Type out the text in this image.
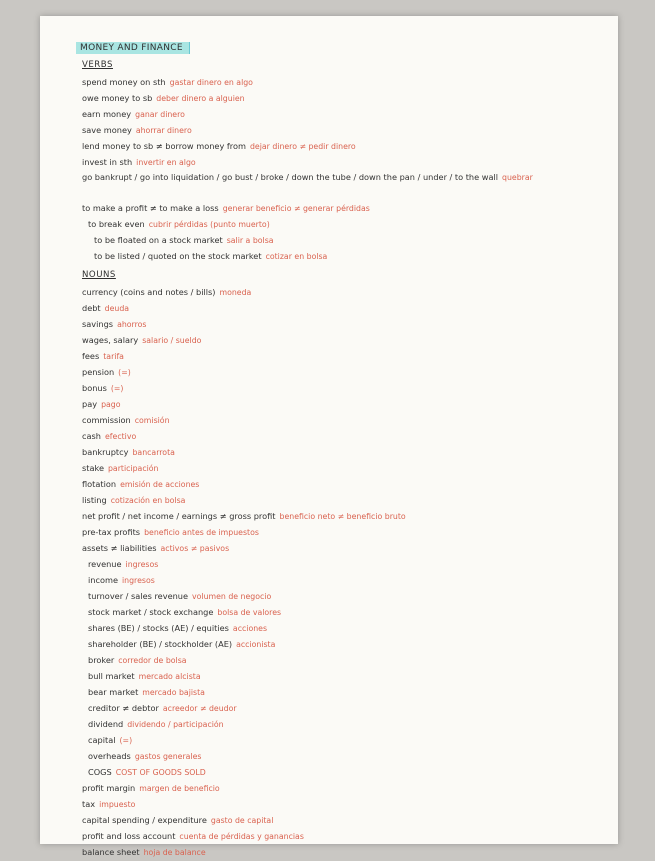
MONEY AND FINANCE
VERBS
spend money on sth gastar dinero en algo
owe money to sb deber dinero a alguien
earn money ganar dinero
save money ahorrar dinero
lend money to sb ≠ borrow money from dejar dinero ≠ pedir dinero
invest in sth invertir en algo
go bankrupt / go into liquidation / go bust / broke / down the tube / down the pan / under / to the wall quebrar
to make a profit ≠ to make a loss generar beneficio ≠ generar pérdidas
to break even cubrir pérdidas (punto muerto)
to be floated on a stock market salir a bolsa
to be listed / quoted on the stock market cotizar en bolsa
NOUNS
currency (coins and notes / bills) moneda
debt deuda
savings ahorros
wages, salary salario / sueldo
fees tarifa
pension (=)
bonus (=)
pay pago
commission comisión
cash efectivo
bankruptcy bancarrota
stake participación
flotation emisión de acciones
listing cotización en bolsa
net profit / net income / earnings ≠ gross profit beneficio neto ≠ beneficio bruto
pre-tax profits beneficio antes de impuestos
assets ≠ liabilities activos ≠ pasivos
revenue ingresos
income ingresos
turnover / sales revenue volumen de negocio
stock market / stock exchange bolsa de valores
shares (BE) / stocks (AE) / equities acciones
shareholder (BE) / stockholder (AE) accionista
broker corredor de bolsa
bull market mercado alcista
bear market mercado bajista
creditor ≠ debtor acreedor ≠ deudor
dividend dividendo / participación
capital (=)
overheads gastos generales
COGS COST OF GOODS SOLD
profit margin margen de beneficio
tax impuesto
capital spending / expenditure gasto de capital
profit and loss account cuenta de pérdidas y ganancias
balance sheet hoja de balance
